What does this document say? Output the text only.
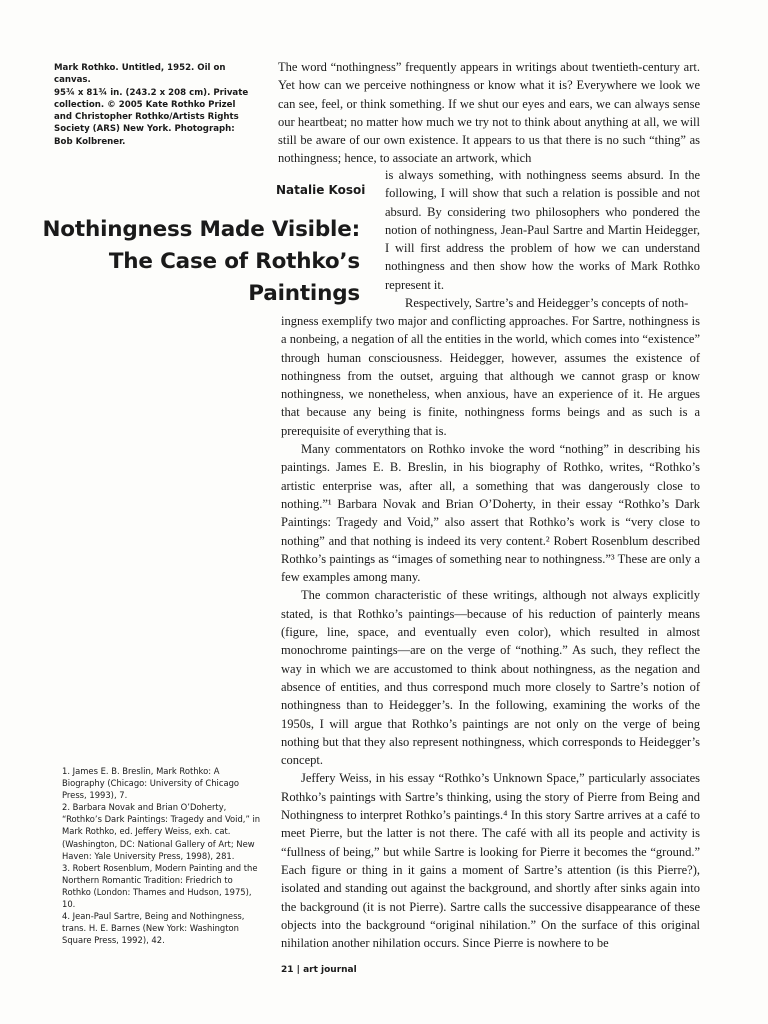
Mark Rothko. Untitled, 1952. Oil on canvas.

95¾ x 81¾ in. (243.2 x 208 cm). Private

collection. © 2005 Kate Rothko Prizel

and Christopher Rothko/Artists Rights

Society (ARS) New York. Photograph:

Bob Kolbrener.

The word “nothingness” frequently appears in writings about twentieth-century art. Yet how can we perceive nothingness or know what it is? Everywhere we look we can see, feel, or think something. If we shut our eyes and ears, we can always sense our heartbeat; no matter how much we try not to think about anything at all, we will still be aware of our own existence. It appears to us that there is no such “thing” as nothingness; hence, to associate an artwork, which

Natalie Kosoi
Nothingness Made Visible:
The Case of Rothko’s
Paintings

is always something, with nothingness seems absurd. In the following, I will show that such a relation is possible and not absurd. By considering two philosophers who pondered the notion of nothingness, Jean-Paul Sartre and Martin Heidegger, I will first address the problem of how we can understand nothingness and then show how the works of Mark Rothko represent it.

Respectively, Sartre’s and Heidegger’s concepts of noth-

ingness exemplify two major and conflicting approaches. For Sartre, nothingness is a nonbeing, a negation of all the entities in the world, which comes into “existence” through human consciousness. Heidegger, however, assumes the existence of nothingness from the outset, arguing that although we cannot grasp or know nothingness, we nonetheless, when anxious, have an experience of it. He argues that because any being is finite, nothingness forms beings and as such is a prerequisite of everything that is.

Many commentators on Rothko invoke the word “nothing” in describing his paintings. James E. B. Breslin, in his biography of Rothko, writes, “Rothko’s artistic enterprise was, after all, a something that was dangerously close to nothing.”¹ Barbara Novak and Brian O’Doherty, in their essay “Rothko’s Dark Paintings: Tragedy and Void,” also assert that Rothko’s work is “very close to nothing” and that nothing is indeed its very content.² Robert Rosenblum described Rothko’s paintings as “images of something near to nothingness.”³ These are only a few examples among many.

The common characteristic of these writings, although not always explicitly stated, is that Rothko’s paintings—because of his reduction of painterly means (figure, line, space, and eventually even color), which resulted in almost monochrome paintings—are on the verge of “nothing.” As such, they reflect the way in which we are accustomed to think about nothingness, as the negation and absence of entities, and thus correspond much more closely to Sartre’s notion of nothingness than to Heidegger’s. In the following, examining the works of the 1950s, I will argue that Rothko’s paintings are not only on the verge of being nothing but that they also represent nothingness, which corresponds to Heidegger’s concept.

Jeffery Weiss, in his essay “Rothko’s Unknown Space,” particularly associates Rothko’s paintings with Sartre’s thinking, using the story of Pierre from Being and Nothingness to interpret Rothko’s paintings.⁴ In this story Sartre arrives at a café to meet Pierre, but the latter is not there. The café with all its people and activity is “fullness of being,” but while Sartre is looking for Pierre it becomes the “ground.” Each figure or thing in it gains a moment of Sartre’s attention (is this Pierre?), isolated and standing out against the background, and shortly after sinks again into the background (it is not Pierre). Sartre calls the successive disappearance of these objects into the background “original nihilation.” On the surface of this original nihilation another nihilation occurs. Since Pierre is nowhere to be

1. James E. B. Breslin, Mark Rothko: A Biography (Chicago: University of Chicago Press, 1993), 7.

2. Barbara Novak and Brian O’Doherty, “Rothko’s Dark Paintings: Tragedy and Void,” in Mark Rothko, ed. Jeffery Weiss, exh. cat. (Washington, DC: National Gallery of Art; New Haven: Yale University Press, 1998), 281.

3. Robert Rosenblum, Modern Painting and the Northern Romantic Tradition: Friedrich to Rothko (London: Thames and Hudson, 1975), 10.

4. Jean-Paul Sartre, Being and Nothingness, trans. H. E. Barnes (New York: Washington Square Press, 1992), 42.

21 | art journal
